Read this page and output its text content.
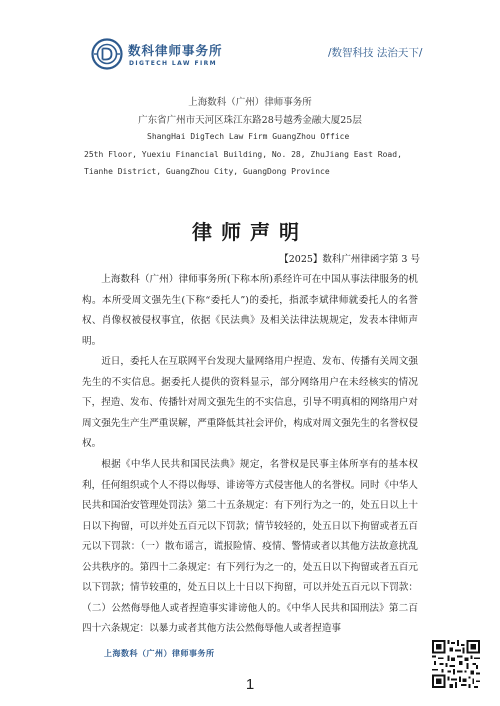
数科律师事务所
DIGTECH LAW FIRM
/数智科技 法治天下/
上海数科（广州）律师事务所
广东省广州市天河区珠江东路28号越秀金融大厦25层
ShangHai DigTech Law Firm GuangZhou Office
25th Floor, Yuexiu Financial Building, No. 28, ZhuJiang East Road,
Tianhe District, GuangZhou City, GuangDong Province
律师声明
【2025】数科广州律函字第 3 号

上海数科（广州）律师事务所(下称本所)系经许可在中国从事法律服务的机构。本所受周文强先生(下称“委托人”)的委托，指派李斌律师就委托人的名誉权、肖像权被侵权事宜，依据《民法典》及相关法律法规规定，发表本律师声明。

近日，委托人在互联网平台发现大量网络用户捏造、发布、传播有关周文强先生的不实信息。据委托人提供的资料显示，部分网络用户在未经核实的情况下，捏造、发布、传播针对周文强先生的不实信息，引导不明真相的网络用户对周文强先生产生严重误解，严重降低其社会评价，构成对周文强先生的名誉权侵权。

根据《中华人民共和国民法典》规定，名誉权是民事主体所享有的基本权利，任何组织或个人不得以侮辱、诽谤等方式侵害他人的名誉权。同时《中华人民共和国治安管理处罚法》第二十五条规定：有下列行为之一的，处五日以上十日以下拘留，可以并处五百元以下罚款；情节较轻的，处五日以下拘留或者五百元以下罚款：（一）散布谣言，谎报险情、疫情、警情或者以其他方法故意扰乱公共秩序的。第四十二条规定：有下列行为之一的，处五日以下拘留或者五百元以下罚款；情节较重的，处五日以上十日以下拘留，可以并处五百元以下罚款：（二）公然侮辱他人或者捏造事实诽谤他人的。《中华人民共和国刑法》第二百四十六条规定：以暴力或者其他方法公然侮辱他人或者捏造事

上海数科（广州）律师事务所
1
